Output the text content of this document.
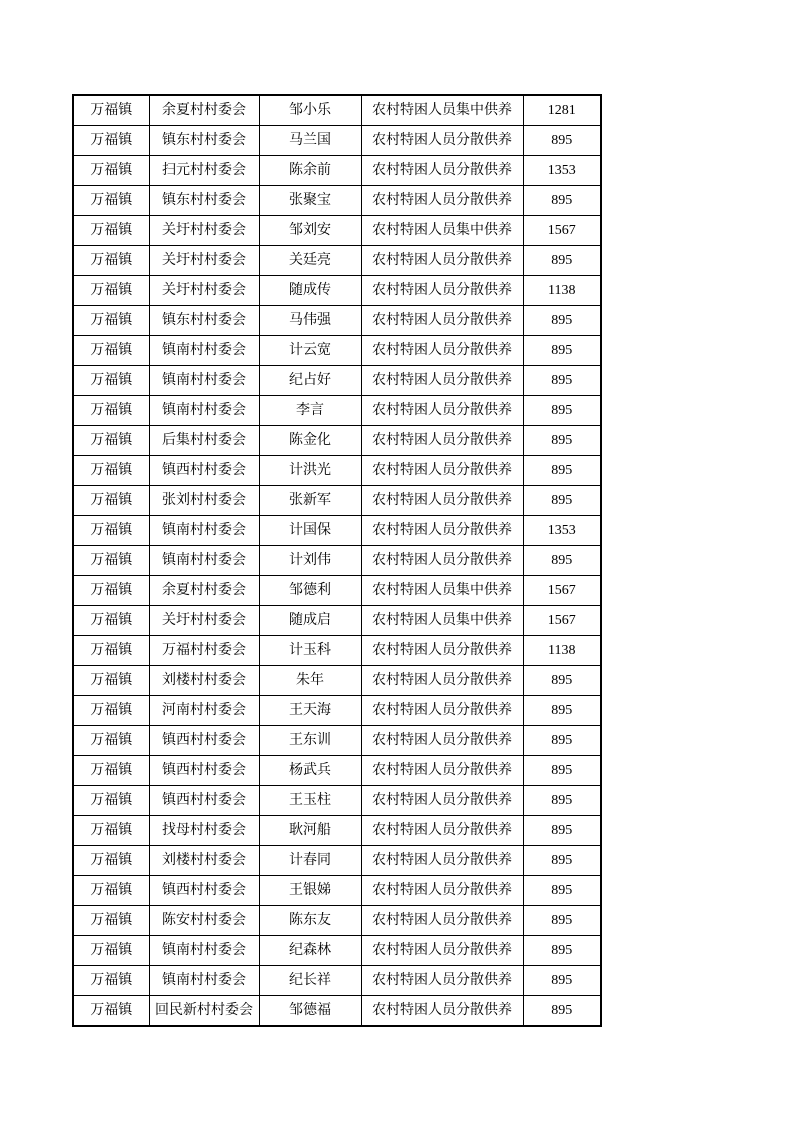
万福镇	余夏村村委会	邹小乐	农村特困人员集中供养	1281
万福镇	镇东村村委会	马兰国	农村特困人员分散供养	895
万福镇	扫元村村委会	陈余前	农村特困人员分散供养	1353
万福镇	镇东村村委会	张聚宝	农村特困人员分散供养	895
万福镇	关圩村村委会	邹刘安	农村特困人员集中供养	1567
万福镇	关圩村村委会	关廷亮	农村特困人员分散供养	895
万福镇	关圩村村委会	随成传	农村特困人员分散供养	1138
万福镇	镇东村村委会	马伟强	农村特困人员分散供养	895
万福镇	镇南村村委会	计云宽	农村特困人员分散供养	895
万福镇	镇南村村委会	纪占好	农村特困人员分散供养	895
万福镇	镇南村村委会	李言	农村特困人员分散供养	895
万福镇	后集村村委会	陈金化	农村特困人员分散供养	895
万福镇	镇西村村委会	计洪光	农村特困人员分散供养	895
万福镇	张刘村村委会	张新军	农村特困人员分散供养	895
万福镇	镇南村村委会	计国保	农村特困人员分散供养	1353
万福镇	镇南村村委会	计刘伟	农村特困人员分散供养	895
万福镇	余夏村村委会	邹德利	农村特困人员集中供养	1567
万福镇	关圩村村委会	随成启	农村特困人员集中供养	1567
万福镇	万福村村委会	计玉科	农村特困人员分散供养	1138
万福镇	刘楼村村委会	朱年	农村特困人员分散供养	895
万福镇	河南村村委会	王天海	农村特困人员分散供养	895
万福镇	镇西村村委会	王东训	农村特困人员分散供养	895
万福镇	镇西村村委会	杨武兵	农村特困人员分散供养	895
万福镇	镇西村村委会	王玉柱	农村特困人员分散供养	895
万福镇	找母村村委会	耿河船	农村特困人员分散供养	895
万福镇	刘楼村村委会	计春同	农村特困人员分散供养	895
万福镇	镇西村村委会	王银娣	农村特困人员分散供养	895
万福镇	陈安村村委会	陈东友	农村特困人员分散供养	895
万福镇	镇南村村委会	纪森林	农村特困人员分散供养	895
万福镇	镇南村村委会	纪长祥	农村特困人员分散供养	895
万福镇	回民新村村委会	邹德福	农村特困人员分散供养	895
